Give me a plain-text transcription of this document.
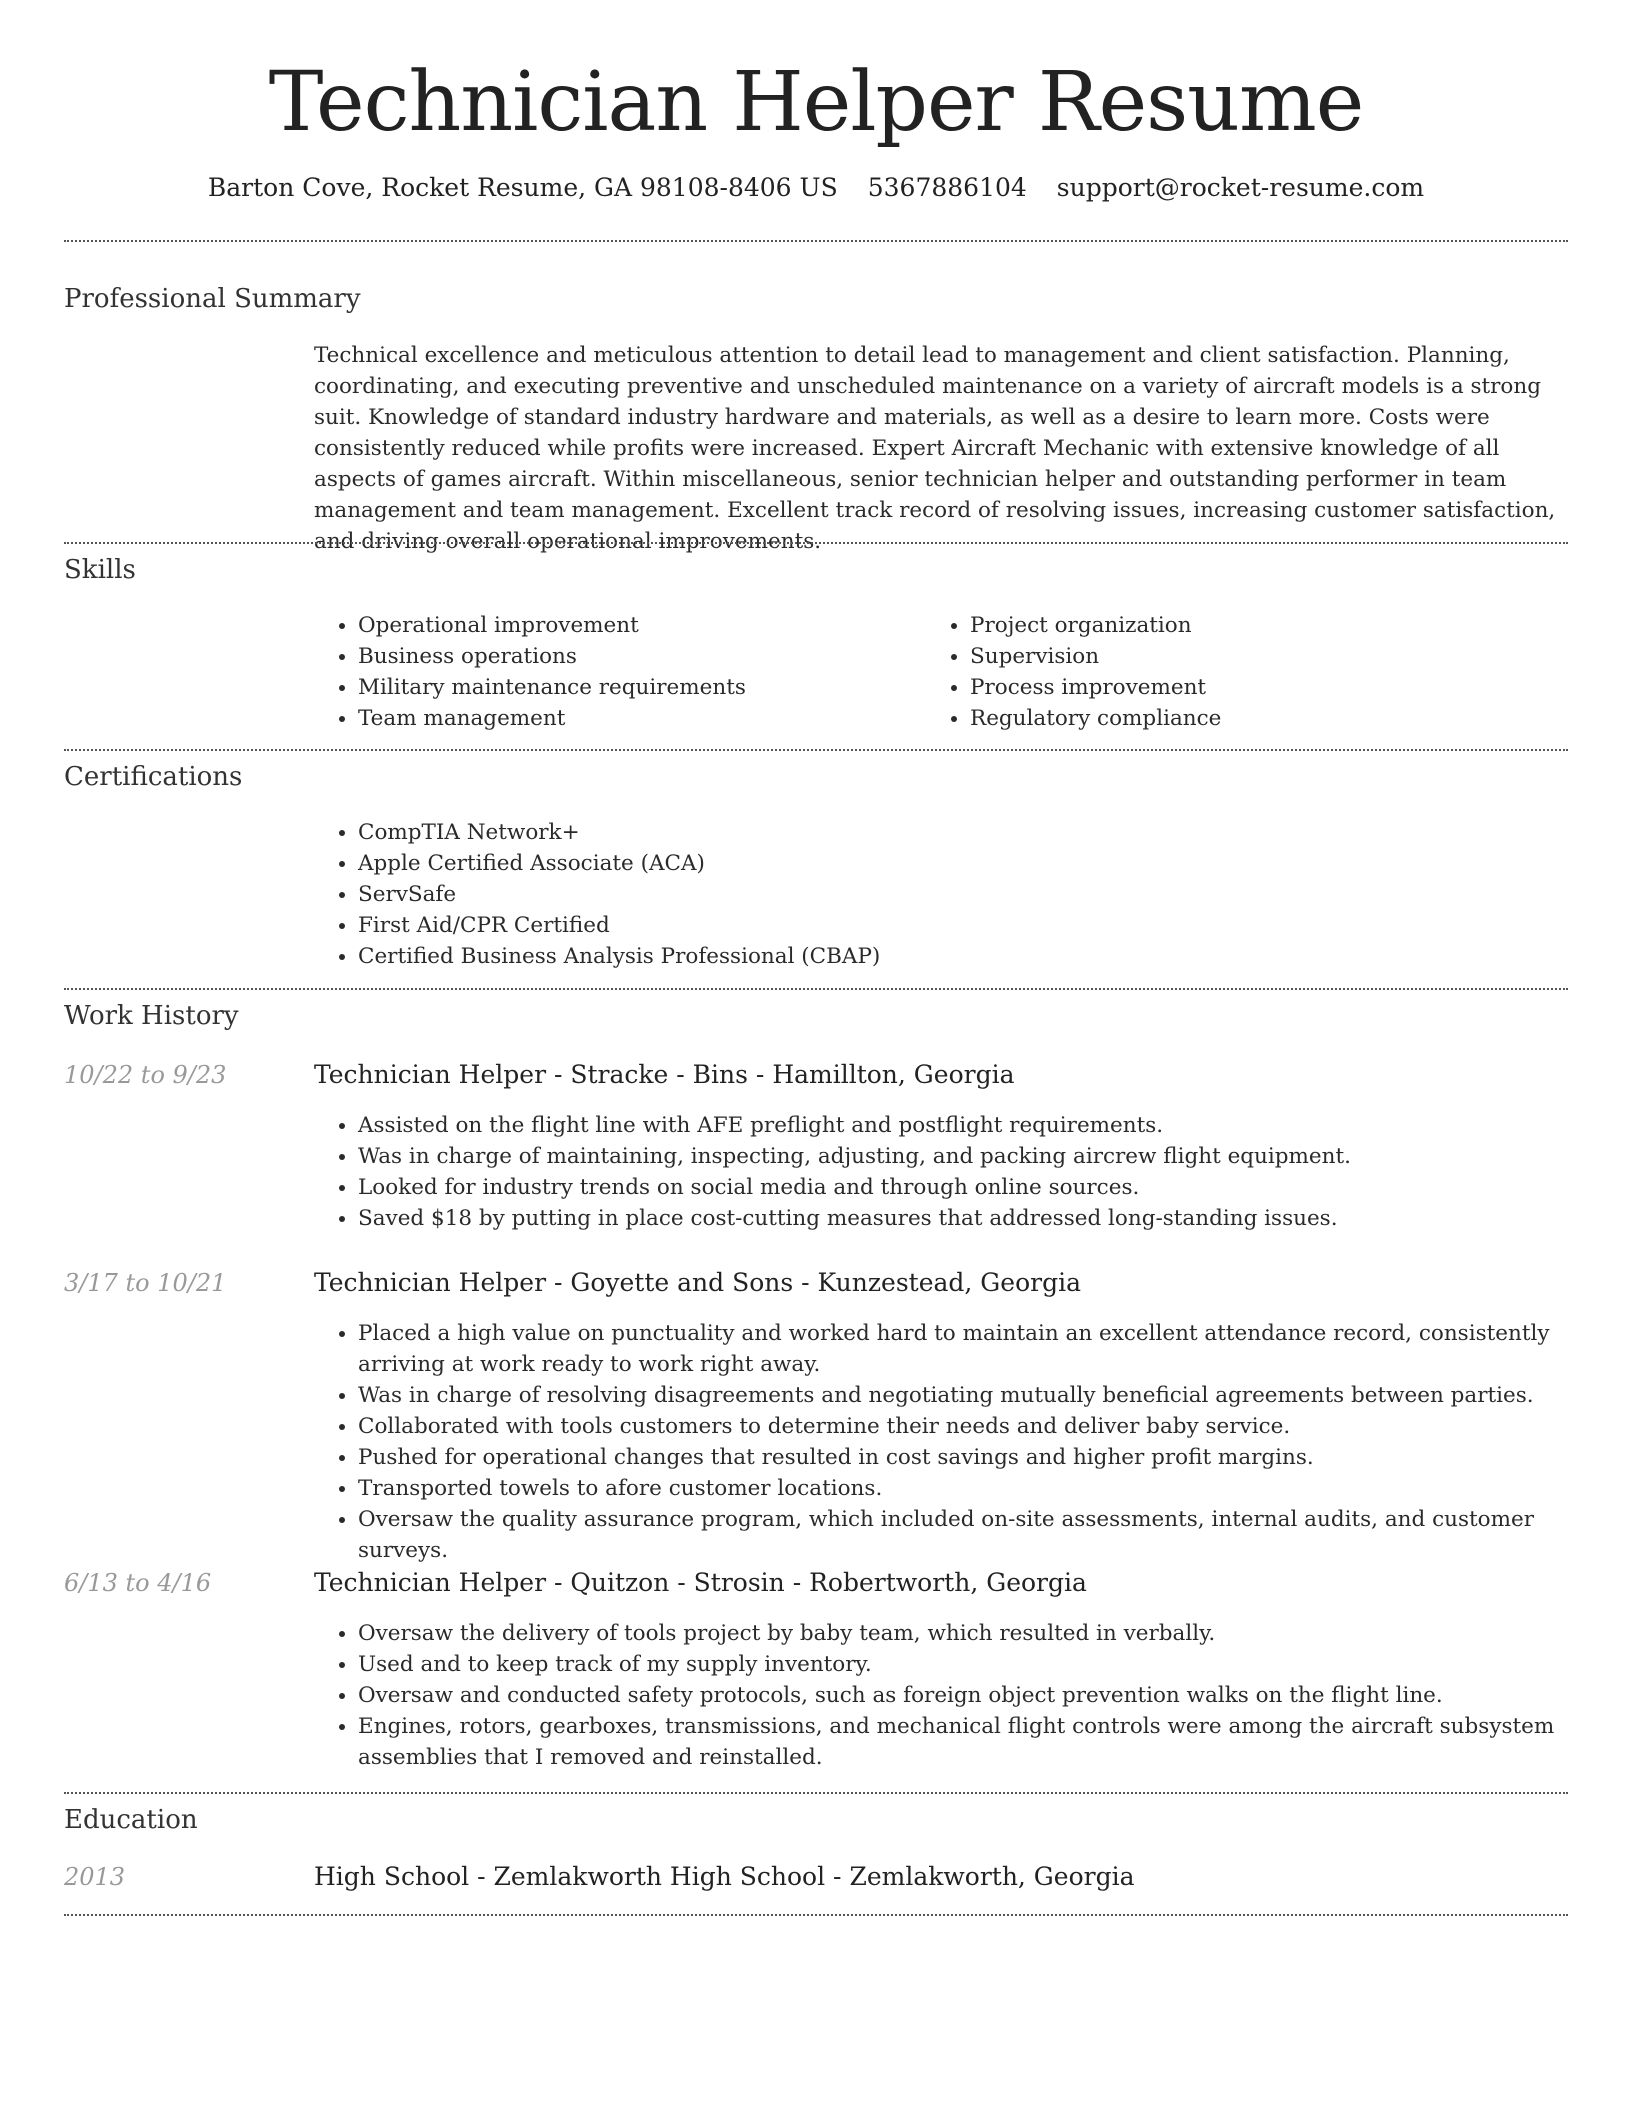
Technician Helper Resume
Barton Cove, Rocket Resume, GA 98108-8406 US 5367886104 support@rocket-resume.com
Professional Summary

Technical excellence and meticulous attention to detail lead to management and client satisfaction. Planning, coordinating, and executing preventive and unscheduled maintenance on a variety of aircraft models is a strong suit. Knowledge of standard industry hardware and materials, as well as a desire to learn more. Costs were consistently reduced while profits were increased. Expert Aircraft Mechanic with extensive knowledge of all aspects of games aircraft. Within miscellaneous, senior technician helper and outstanding performer in team management and team management. Excellent track record of resolving issues, increasing customer satisfaction, and driving overall operational improvements.

Skills
• Operational improvement
• Business operations
• Military maintenance requirements
• Team management
• Project organization
• Supervision
• Process improvement
• Regulatory compliance
Certifications
• CompTIA Network+
• Apple Certified Associate (ACA)
• ServSafe
• First Aid/CPR Certified
• Certified Business Analysis Professional (CBAP)
Work History
10/22 to 9/23	Technician Helper - Stracke - Bins - Hamillton, Georgia
• Assisted on the flight line with AFE preflight and postflight requirements.
• Was in charge of maintaining, inspecting, adjusting, and packing aircrew flight equipment.
• Looked for industry trends on social media and through online sources.
• Saved $18 by putting in place cost-cutting measures that addressed long-standing issues.
3/17 to 10/21	Technician Helper - Goyette and Sons - Kunzestead, Georgia
• Placed a high value on punctuality and worked hard to maintain an excellent attendance record, consistently arriving at work ready to work right away.
• Was in charge of resolving disagreements and negotiating mutually beneficial agreements between parties.
• Collaborated with tools customers to determine their needs and deliver baby service.
• Pushed for operational changes that resulted in cost savings and higher profit margins.
• Transported towels to afore customer locations.
• Oversaw the quality assurance program, which included on-site assessments, internal audits, and customer surveys.
6/13 to 4/16	Technician Helper - Quitzon - Strosin - Robertworth, Georgia
• Oversaw the delivery of tools project by baby team, which resulted in verbally.
• Used and to keep track of my supply inventory.
• Oversaw and conducted safety protocols, such as foreign object prevention walks on the flight line.
• Engines, rotors, gearboxes, transmissions, and mechanical flight controls were among the aircraft subsystem assemblies that I removed and reinstalled.
Education
2013	High School - Zemlakworth High School - Zemlakworth, Georgia
